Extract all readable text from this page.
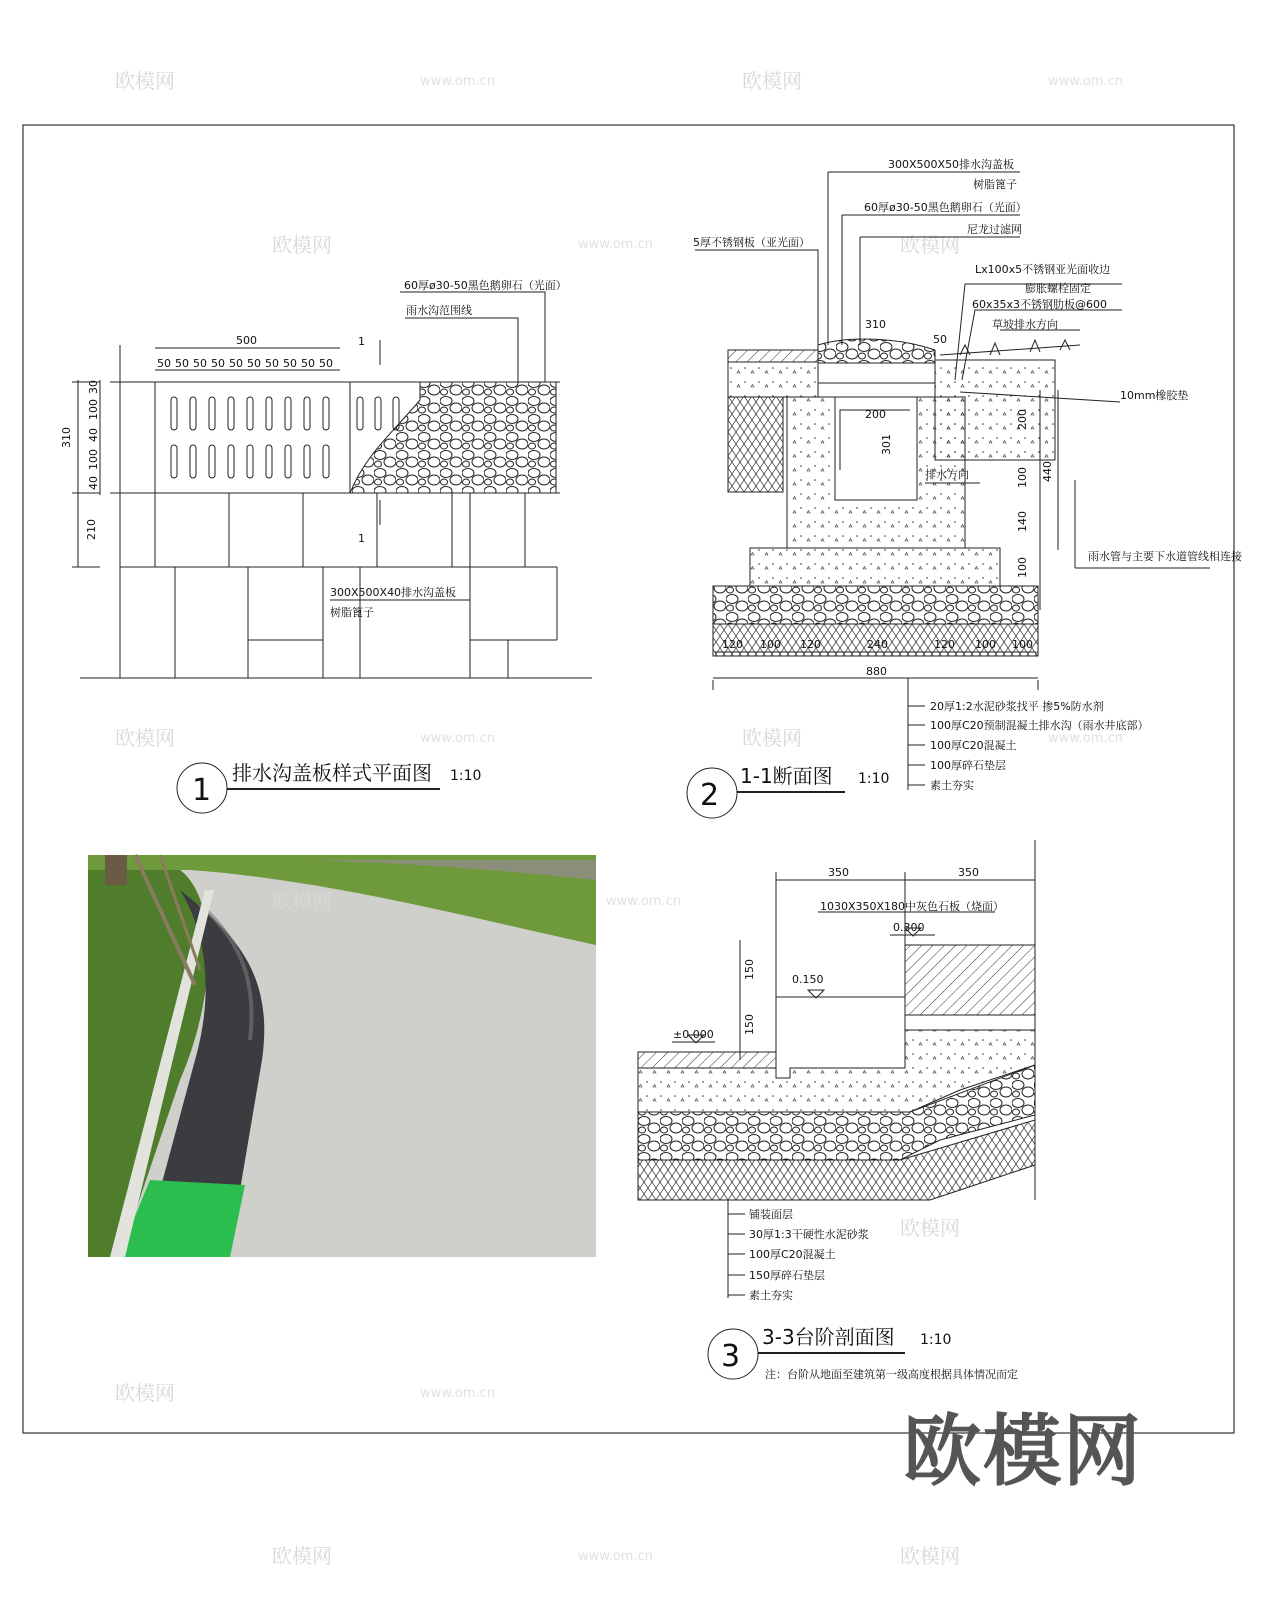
欧模网	www.om.cn	欧模网	www.om.cn
欧模网	www.om.cn	欧模网
欧模网	www.om.cn	欧模网	www.om.cn
www.om.cn
欧模网
欧模网	www.om.cn
欧模网	www.om.cn	欧模网
500
50 50 50 50 50 50 50 50 50 50
30
100
40
100
40
310
210
1
1
60厚ø30-50黑色鹅卵石（光面）
雨水沟范围线
300X500X40排水沟盖板
树脂篦子
1 排水沟盖板样式平面图 1:10
300X500X50排水沟盖板
树脂篦子
60厚ø30-50黑色鹅卵石（光面）
尼龙过滤网
5厚不锈钢板（亚光面）
Lx100x5不锈钢亚光面收边
膨胀螺栓固定
60x35x3不锈钢肋板@600
草坡排水方向
10mm橡胶垫
排水方向
雨水管与主要下水道管线相连接
310
50
200
301
200
100
140
100
440
120 100 120	240	120 100 100
880
20厚1:2水泥砂浆找平 掺5%防水剂
100厚C20预制混凝土排水沟（雨水井底部）
100厚C20混凝土
100厚碎石垫层
素土夯实
2
1-1断面图 1:10
欧模网
350	350
150
150
1030X350X180中灰色石板（烧面）
0.300
0.150
±0.000
铺装面层
30厚1:3干硬性水泥砂浆
100厚C20混凝土
150厚碎石垫层
素土夯实
3
3-3台阶剖面图 1:10
注：台阶从地面至建筑第一级高度根据具体情况而定
欧模网
